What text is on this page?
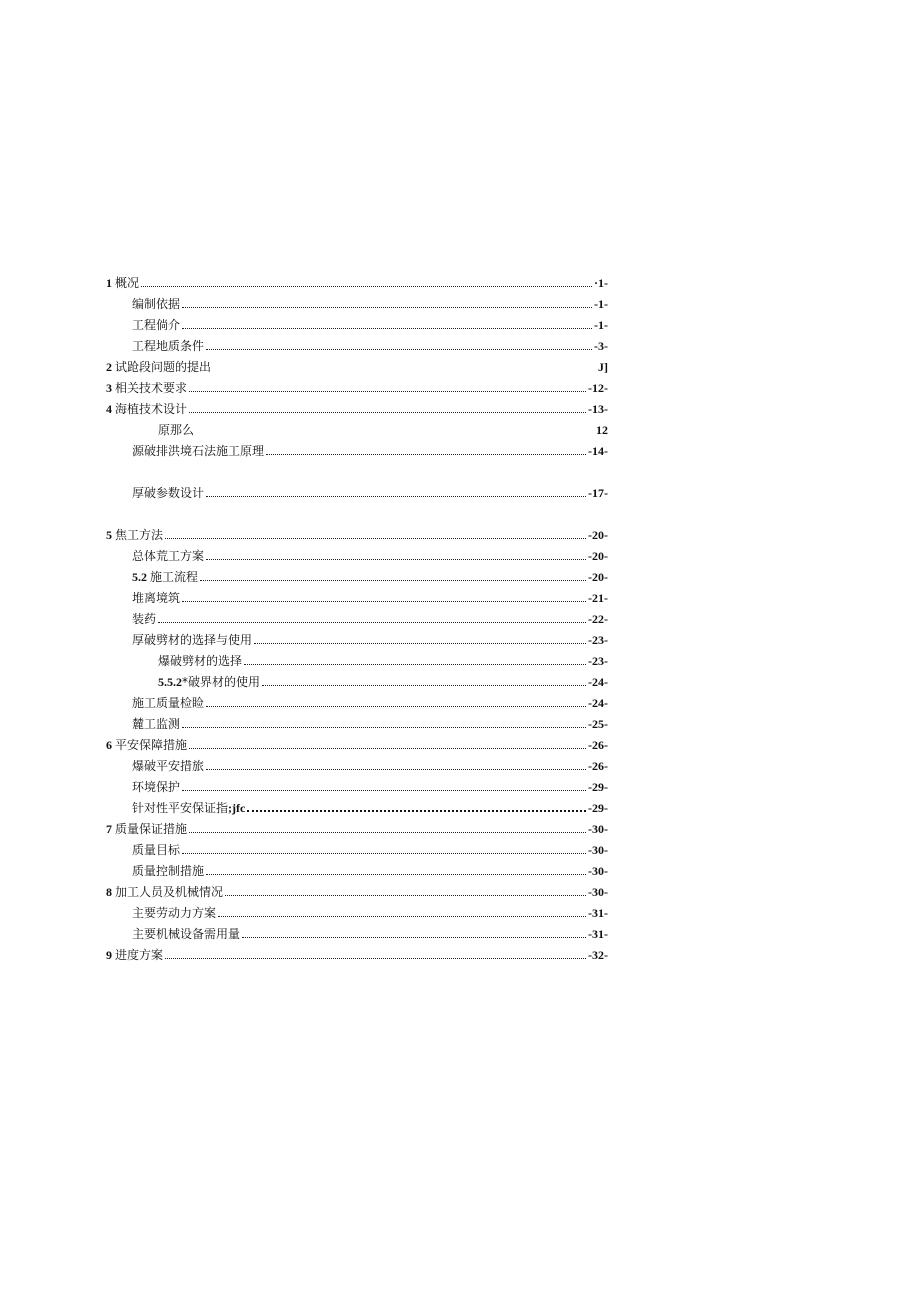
1 概况	·1-
编制依据	-1-
工程倘介	-1-
工程地质条件	-3-
2 试跄段问题的提出	J]
3 相关技术要求	-12-
4 海植技术设计	-13-
原那么	12
源破排洪境石法施工原理	-14-
厚破参数设计	-17-
5 焦工方法	-20-
总体荒工方案	-20-
5.2 施工流程	-20-
堆离境筑	-21-
装药	-22-
厚破劈材的选择与使用	-23-
爆破劈材的选择	-23-
5.5.2 *破界材的使用	-24-
施工质量检睑	-24-
麓工监测	-25-
6 平安保障措施	-26-
爆破平安措旅	-26-
环境保护	-29-
针对性平安保证指 ;jfc	-29-
7 质量保证措施	-30-
质量目标	-30-
质量控制措施	-30-
8 加工人员及机械情况	-30-
主要劳动力方案	-31-
主要机械设备需用量	-31-
9 进度方案	-32-
